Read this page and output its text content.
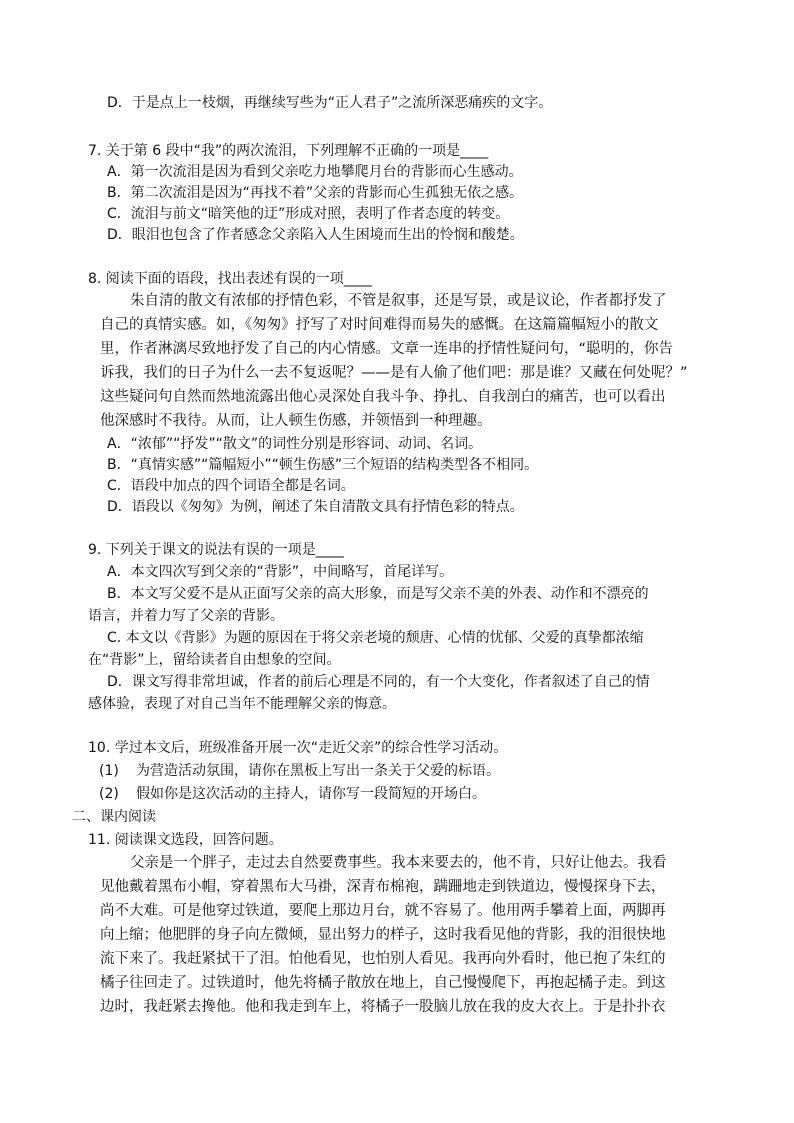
D．于是点上一枝烟，再继续写些为“正人君子”之流所深恶痛疾的文字。
7. 关于第 6 段中“我”的两次流泪，下列理解不正确的一项是____
A．第一次流泪是因为看到父亲吃力地攀爬月台的背影而心生感动。
B．第二次流泪是因为“再找不着”父亲的背影而心生孤独无依之感。
C．流泪与前文“暗笑他的迂”形成对照，表明了作者态度的转变。
D．眼泪也包含了作者感念父亲陷入人生困境而生出的怜悯和酸楚。
8. 阅读下面的语段，找出表述有误的一项____
朱自清的散文有浓郁的抒情色彩，不管是叙事，还是写景，或是议论，作者都抒发了
自己的真情实感。如，《匆匆》抒写了对时间难得而易失的感慨。在这篇篇幅短小的散文
里，作者淋漓尽致地抒发了自己的内心情感。文章一连串的抒情性疑问句，“聪明的，你告
诉我，我们的日子为什么一去不复返呢？——是有人偷了他们吧：那是谁？又藏在何处呢？”
这些疑问句自然而然地流露出他心灵深处自我斗争、挣扎、自我剖白的痛苦，也可以看出
他深感时不我待。从而，让人顿生伤感，并领悟到一种理趣。
A．“浓郁”“抒发”“散文”的词性分别是形容词、动词、名词。
B．“真情实感”“篇幅短小”“顿生伤感”三个短语的结构类型各不相同。
C．语段中加点的四个词语全都是名词。
D．语段以《匆匆》为例，阐述了朱自清散文具有抒情色彩的特点。
9. 下列关于课文的说法有误的一项是____
A．本文四次写到父亲的“背影”，中间略写，首尾详写。
B．本文写父爱不是从正面写父亲的高大形象，而是写父亲不美的外表、动作和不漂亮的
语言，并着力写了父亲的背影。
C. 本文以《背影》为题的原因在于将父亲老境的颓唐、心情的忧郁、父爱的真挚都浓缩
在“背影”上，留给读者自由想象的空间。
D．课文写得非常坦诚，作者的前后心理是不同的，有一个大变化，作者叙述了自己的情
感体验，表现了对自己当年不能理解父亲的悔意。
10. 学过本文后，班级准备开展一次“走近父亲”的综合性学习活动。
(1) 为营造活动氛围，请你在黑板上写出一条关于父爱的标语。
(2) 假如你是这次活动的主持人，请你写一段简短的开场白。
二、课内阅读
11. 阅读课文选段，回答问题。
父亲是一个胖子，走过去自然要费事些。我本来要去的，他不肯，只好让他去。我看
见他戴着黑布小帽，穿着黑布大马褂，深青布棉袍，蹒跚地走到铁道边，慢慢探身下去，
尚不大难。可是他穿过铁道，要爬上那边月台，就不容易了。他用两手攀着上面，两脚再
向上缩；他肥胖的身子向左微倾，显出努力的样子，这时我看见他的背影，我的泪很快地
流下来了。我赶紧拭干了泪。怕他看见，也怕别人看见。我再向外看时，他已抱了朱红的
橘子往回走了。过铁道时，他先将橘子散放在地上，自己慢慢爬下，再抱起橘子走。到这
边时，我赶紧去搀他。他和我走到车上，将橘子一股脑儿放在我的皮大衣上。于是扑扑衣
